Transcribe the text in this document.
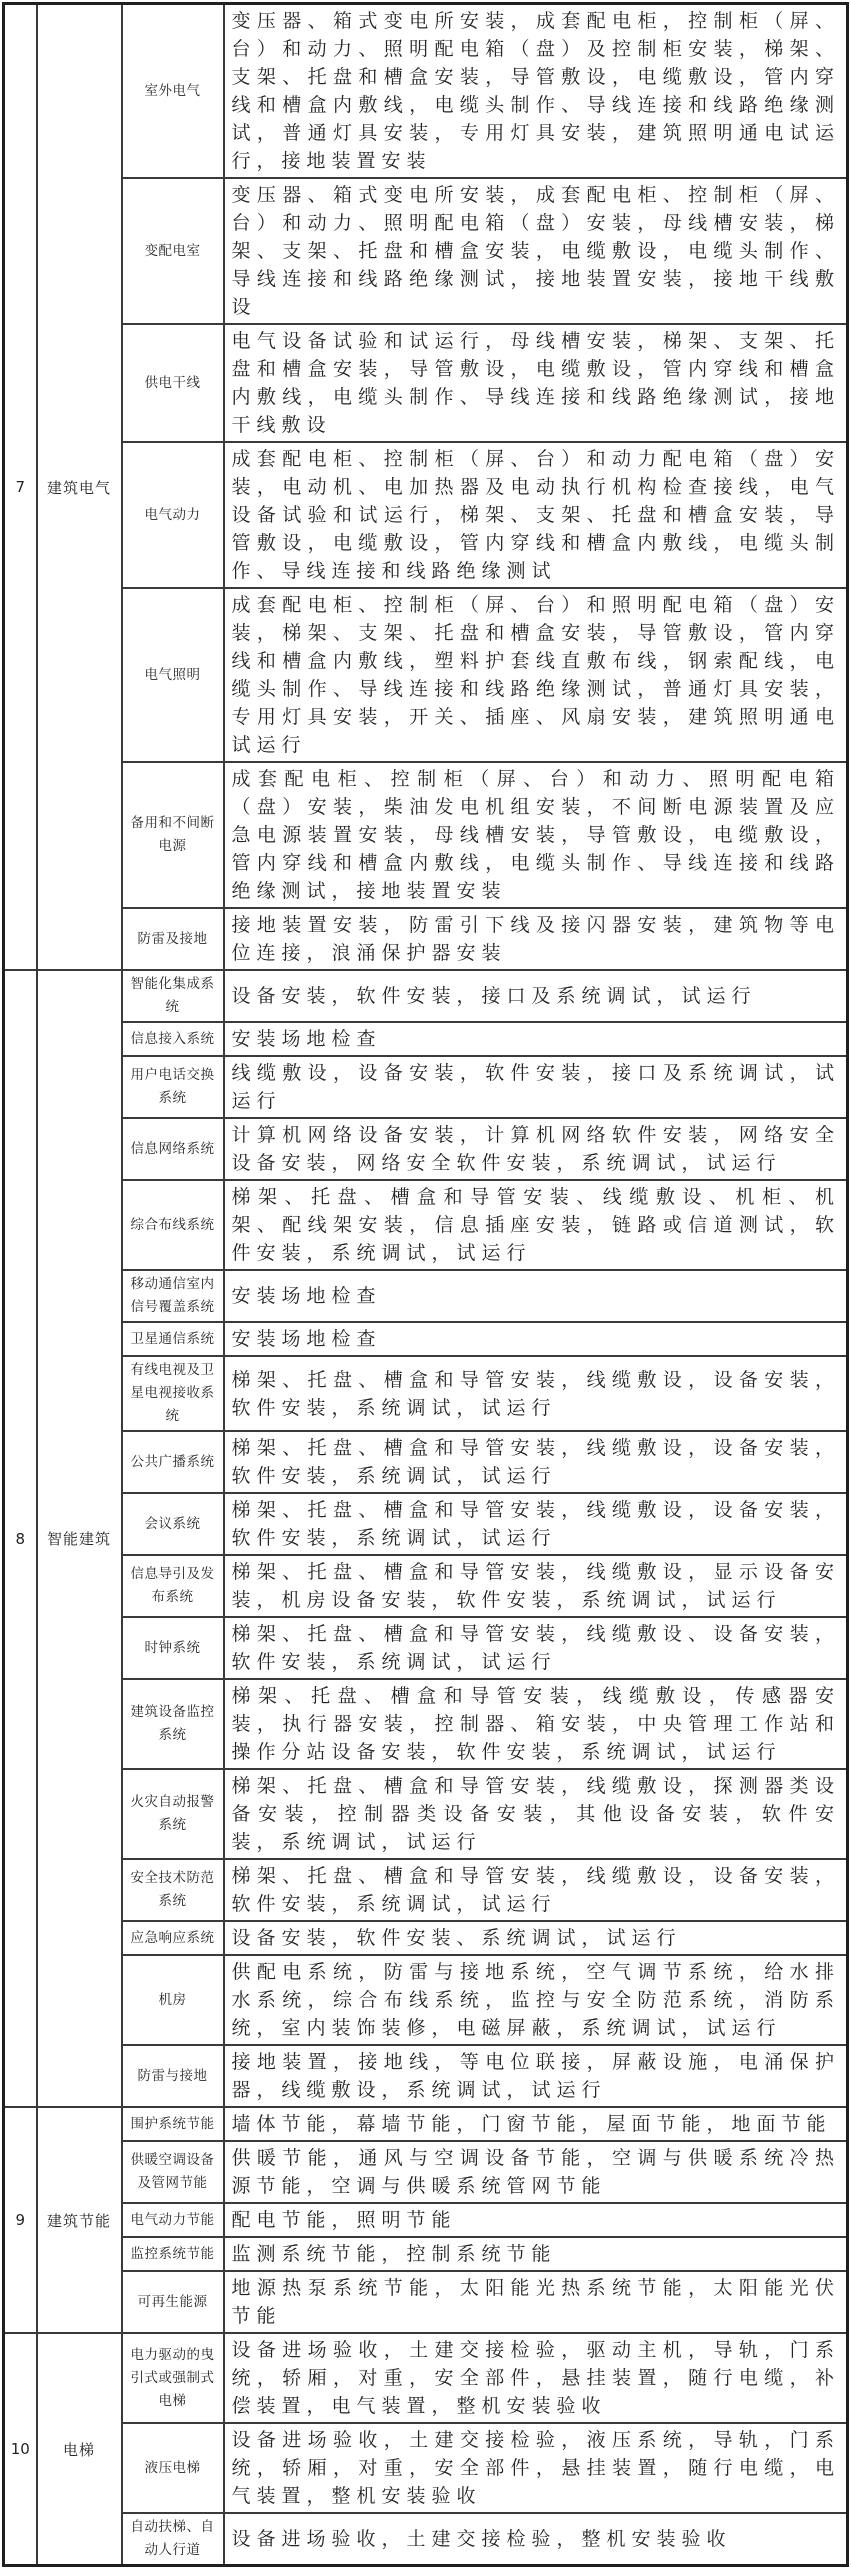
7	建筑电气	室外电气	变压器、箱式变电所安装，成套配电柜，控制柜（屏、台）和动力、照明配电箱（盘）及控制柜安装，梯架、支架、托盘和槽盒安装，导管敷设，电缆敷设，管内穿线和槽盒内敷线，电缆头制作、导线连接和线路绝缘测试，普通灯具安装，专用灯具安装，建筑照明通电试运行，接地装置安装
		变配电室	变压器、箱式变电所安装，成套配电柜、控制柜（屏、台）和动力、照明配电箱（盘）安装，母线槽安装，梯架、支架、托盘和槽盒安装，电缆敷设，电缆头制作、导线连接和线路绝缘测试，接地装置安装，接地干线敷设
		供电干线	电气设备试验和试运行，母线槽安装，梯架、支架、托盘和槽盒安装，导管敷设，电缆敷设，管内穿线和槽盒内敷线，电缆头制作、导线连接和线路绝缘测试，接地干线敷设
		电气动力	成套配电柜、控制柜（屏、台）和动力配电箱（盘）安装，电动机、电加热器及电动执行机构检查接线，电气设备试验和试运行，梯架、支架、托盘和槽盒安装，导管敷设，电缆敷设，管内穿线和槽盒内敷线，电缆头制作、导线连接和线路绝缘测试
		电气照明	成套配电柜、控制柜（屏、台）和照明配电箱（盘）安装，梯架、支架、托盘和槽盒安装，导管敷设，管内穿线和槽盒内敷线，塑料护套线直敷布线，钢索配线，电缆头制作、导线连接和线路绝缘测试，普通灯具安装，专用灯具安装，开关、插座、风扇安装，建筑照明通电试运行
		备用和不间断电源	成套配电柜、控制柜（屏、台）和动力、照明配电箱（盘）安装，柴油发电机组安装，不间断电源装置及应急电源装置安装，母线槽安装，导管敷设，电缆敷设，管内穿线和槽盒内敷线，电缆头制作、导线连接和线路绝缘测试，接地装置安装
		防雷及接地	接地装置安装，防雷引下线及接闪器安装，建筑物等电位连接，浪涌保护器安装
8	智能建筑	智能化集成系统	设备安装，软件安装，接口及系统调试，试运行
		信息接入系统	安装场地检查
		用户电话交换系统	线缆敷设，设备安装，软件安装，接口及系统调试，试运行
		信息网络系统	计算机网络设备安装，计算机网络软件安装，网络安全设备安装，网络安全软件安装，系统调试，试运行
		综合布线系统	梯架、托盘、槽盒和导管安装、线缆敷设、机柜、机架、配线架安装，信息插座安装，链路或信道测试，软件安装，系统调试，试运行
		移动通信室内信号覆盖系统	安装场地检查
		卫星通信系统	安装场地检查
		有线电视及卫星电视接收系统	梯架、托盘、槽盒和导管安装，线缆敷设，设备安装，软件安装，系统调试，试运行
		公共广播系统	梯架、托盘、槽盒和导管安装，线缆敷设，设备安装，软件安装，系统调试，试运行
		会议系统	梯架、托盘、槽盒和导管安装，线缆敷设，设备安装，软件安装，系统调试，试运行
		信息导引及发布系统	梯架、托盘、槽盒和导管安装，线缆敷设，显示设备安装，机房设备安装，软件安装，系统调试，试运行
		时钟系统	梯架、托盘、槽盒和导管安装，线缆敷设、设备安装，软件安装，系统调试，试运行
		建筑设备监控系统	梯架、托盘、槽盒和导管安装，线缆敷设，传感器安装，执行器安装，控制器、箱安装，中央管理工作站和操作分站设备安装，软件安装，系统调试，试运行
		火灾自动报警系统	梯架、托盘、槽盒和导管安装，线缆敷设，探测器类设备安装，控制器类设备安装，其他设备安装，软件安装，系统调试，试运行
		安全技术防范系统	梯架、托盘、槽盒和导管安装，线缆敷设，设备安装，软件安装，系统调试，试运行
		应急响应系统	设备安装，软件安装、系统调试，试运行
		机房	供配电系统，防雷与接地系统，空气调节系统，给水排水系统，综合布线系统，监控与安全防范系统，消防系统，室内装饰装修，电磁屏蔽，系统调试，试运行
		防雷与接地	接地装置，接地线，等电位联接，屏蔽设施，电涌保护器，线缆敷设，系统调试，试运行
9	建筑节能	围护系统节能	墙体节能，幕墙节能，门窗节能，屋面节能，地面节能
		供暖空调设备及管网节能	供暖节能，通风与空调设备节能，空调与供暖系统冷热源节能，空调与供暖系统管网节能
		电气动力节能	配电节能，照明节能
		监控系统节能	监测系统节能，控制系统节能
		可再生能源	地源热泵系统节能，太阳能光热系统节能，太阳能光伏节能
10	电梯	电力驱动的曳引式或强制式电梯	设备进场验收，土建交接检验，驱动主机，导轨，门系统，轿厢，对重，安全部件，悬挂装置，随行电缆，补偿装置，电气装置，整机安装验收
		液压电梯	设备进场验收，土建交接检验，液压系统，导轨，门系统，轿厢，对重，安全部件，悬挂装置，随行电缆，电气装置，整机安装验收
		自动扶梯、自动人行道	设备进场验收，土建交接检验，整机安装验收
